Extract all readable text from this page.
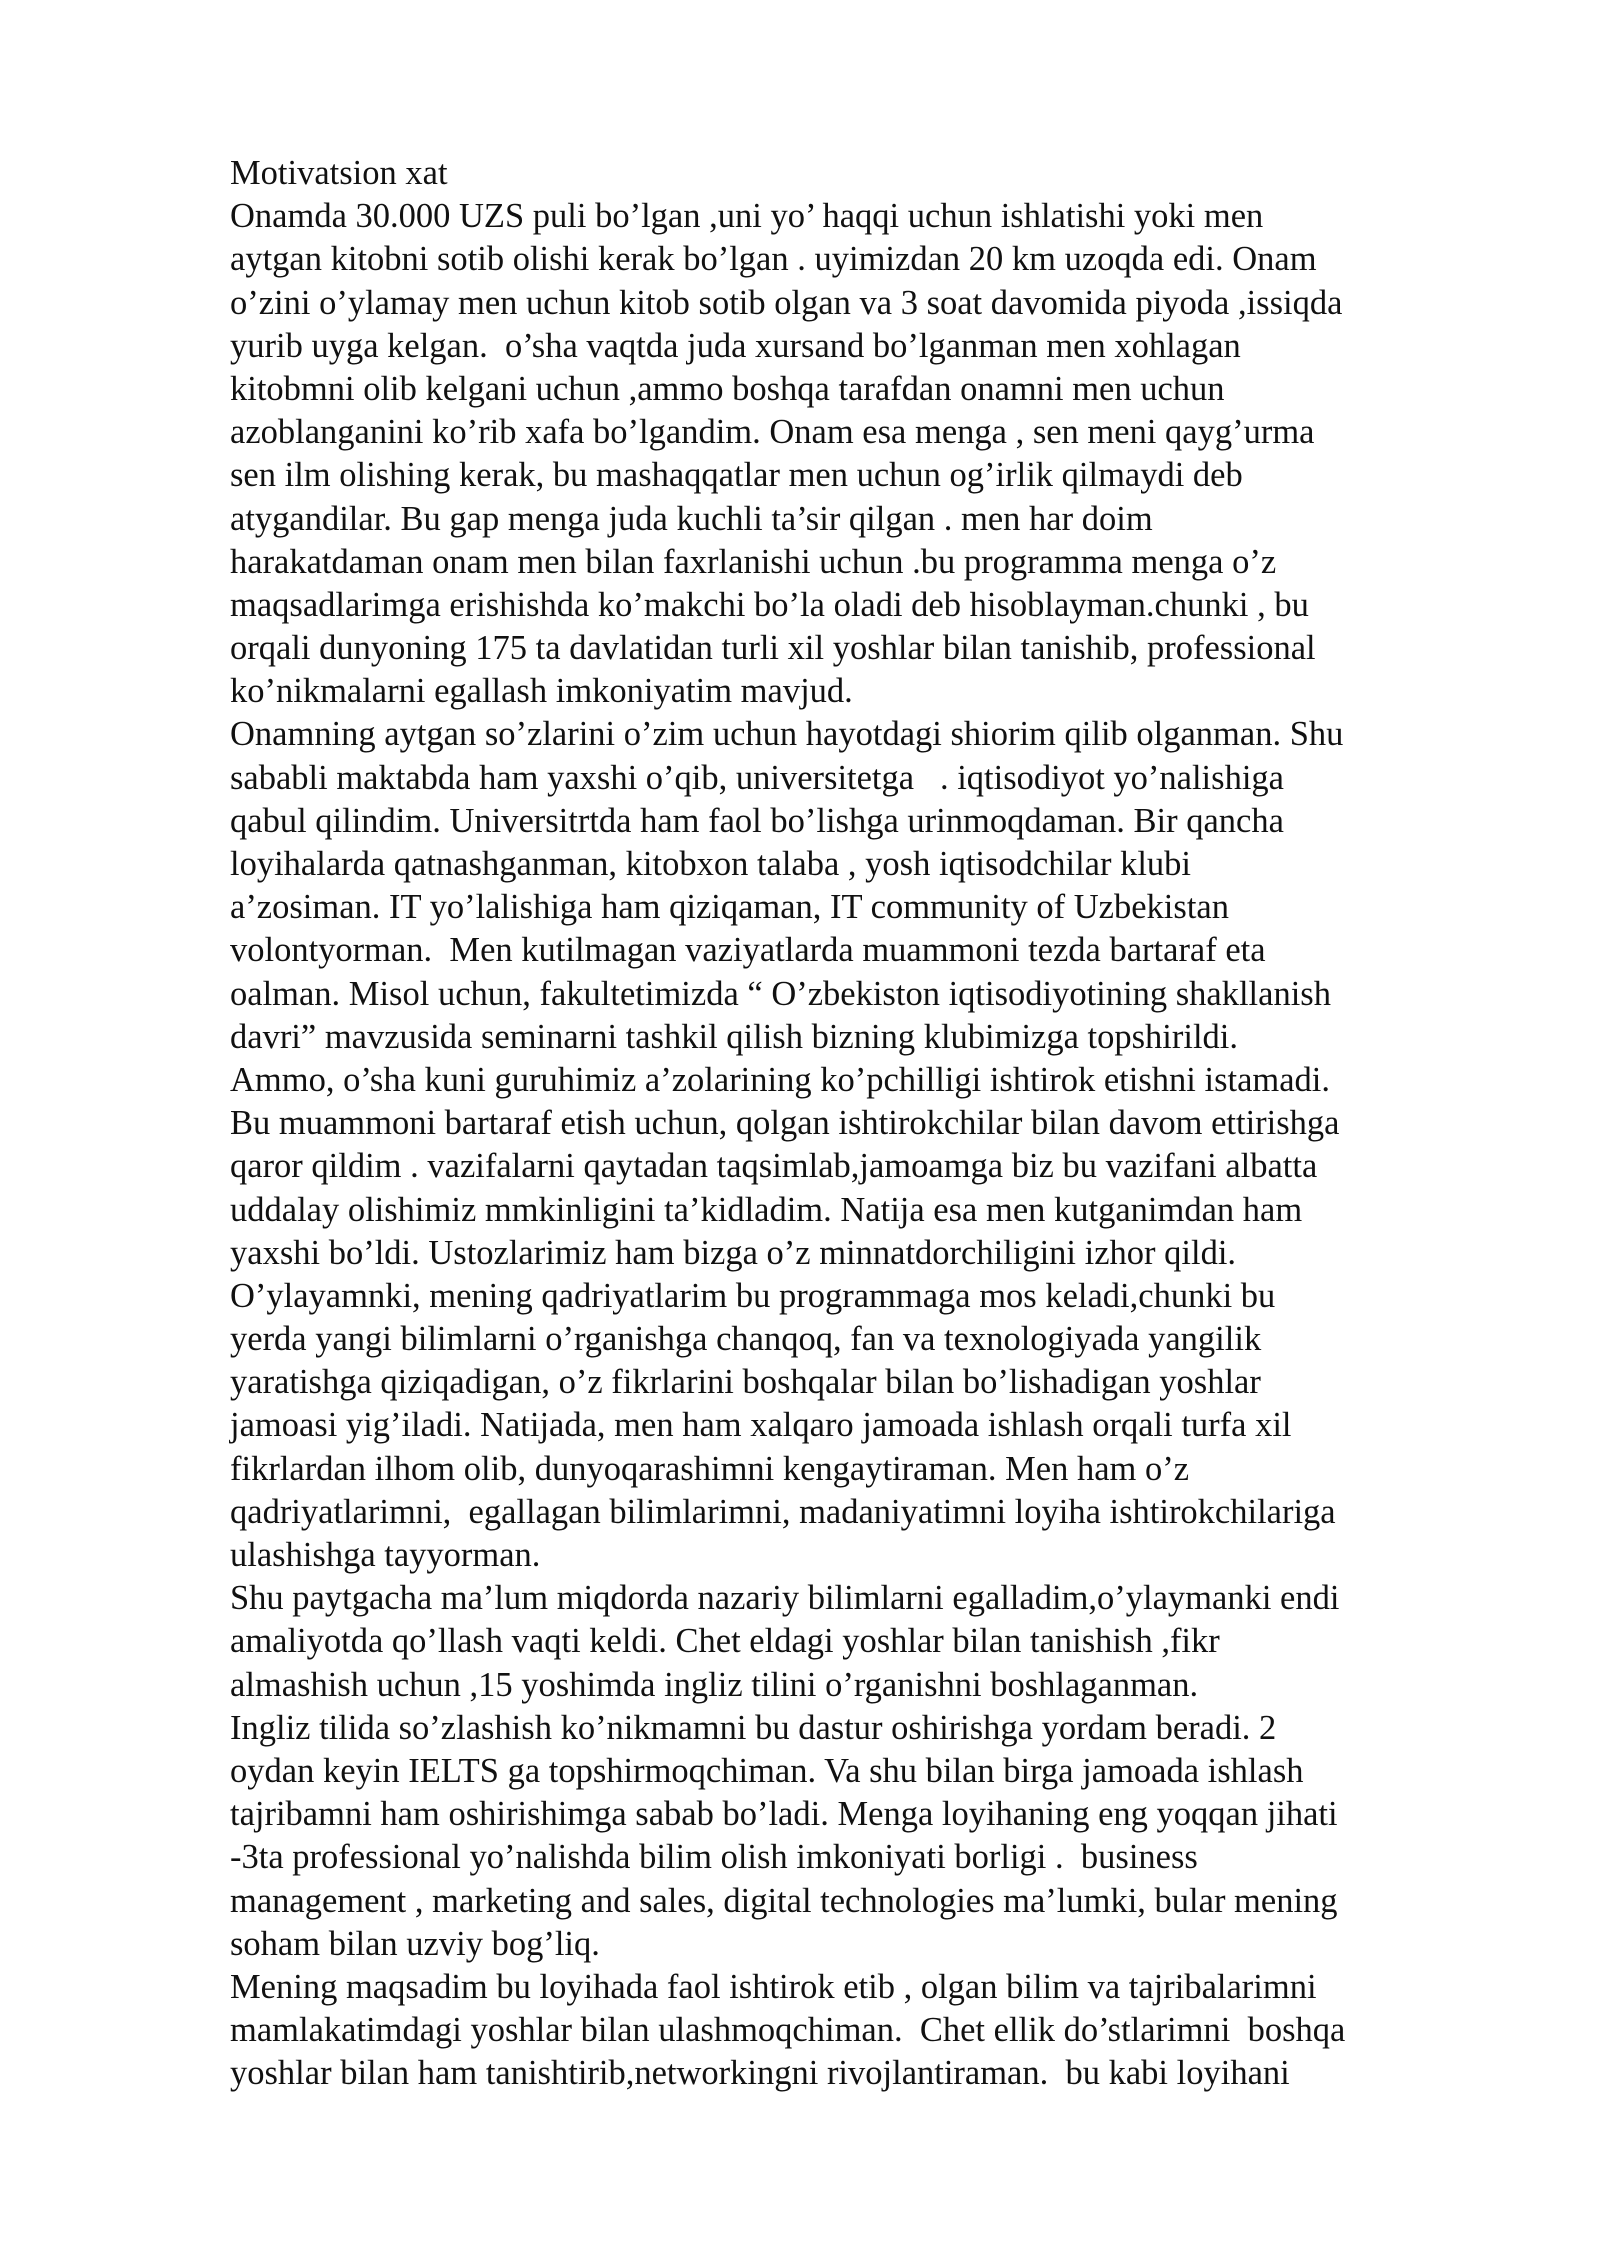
Motivatsion xat
Onamda 30.000 UZS puli bo’lgan ,uni yo’ haqqi uchun ishlatishi yoki men
aytgan kitobni sotib olishi kerak bo’lgan . uyimizdan 20 km uzoqda edi. Onam
o’zini o’ylamay men uchun kitob sotib olgan va 3 soat davomida piyoda ,issiqda
yurib uyga kelgan.  o’sha vaqtda juda xursand bo’lganman men xohlagan
kitobmni olib kelgani uchun ,ammo boshqa tarafdan onamni men uchun
azoblanganini ko’rib xafa bo’lgandim. Onam esa menga , sen meni qayg’urma
sen ilm olishing kerak, bu mashaqqatlar men uchun og’irlik qilmaydi deb
atygandilar. Bu gap menga juda kuchli ta’sir qilgan . men har doim
harakatdaman onam men bilan faxrlanishi uchun .bu programma menga o’z
maqsadlarimga erishishda ko’makchi bo’la oladi deb hisoblayman.chunki , bu
orqali dunyoning 175 ta davlatidan turli xil yoshlar bilan tanishib, professional
ko’nikmalarni egallash imkoniyatim mavjud.
Onamning aytgan so’zlarini o’zim uchun hayotdagi shiorim qilib olganman. Shu
sababli maktabda ham yaxshi o’qib, universitetga   . iqtisodiyot yo’nalishiga
qabul qilindim. Universitrtda ham faol bo’lishga urinmoqdaman. Bir qancha
loyihalarda qatnashganman, kitobxon talaba , yosh iqtisodchilar klubi
a’zosiman. IT yo’lalishiga ham qiziqaman, IT community of Uzbekistan
volontyorman.  Men kutilmagan vaziyatlarda muammoni tezda bartaraf eta
oalman. Misol uchun, fakultetimizda “ O’zbekiston iqtisodiyotining shakllanish
davri” mavzusida seminarni tashkil qilish bizning klubimizga topshirildi.
Ammo, o’sha kuni guruhimiz a’zolarining ko’pchilligi ishtirok etishni istamadi.
Bu muammoni bartaraf etish uchun, qolgan ishtirokchilar bilan davom ettirishga
qaror qildim . vazifalarni qaytadan taqsimlab,jamoamga biz bu vazifani albatta
uddalay olishimiz mmkinligini ta’kidladim. Natija esa men kutganimdan ham
yaxshi bo’ldi. Ustozlarimiz ham bizga o’z minnatdorchiligini izhor qildi.
O’ylayamnki, mening qadriyatlarim bu programmaga mos keladi,chunki bu
yerda yangi bilimlarni o’rganishga chanqoq, fan va texnologiyada yangilik
yaratishga qiziqadigan, o’z fikrlarini boshqalar bilan bo’lishadigan yoshlar
jamoasi yig’iladi. Natijada, men ham xalqaro jamoada ishlash orqali turfa xil
fikrlardan ilhom olib, dunyoqarashimni kengaytiraman. Men ham o’z
qadriyatlarimni,  egallagan bilimlarimni, madaniyatimni loyiha ishtirokchilariga
ulashishga tayyorman.
Shu paytgacha ma’lum miqdorda nazariy bilimlarni egalladim,o’ylaymanki endi
amaliyotda qo’llash vaqti keldi. Chet eldagi yoshlar bilan tanishish ,fikr
almashish uchun ,15 yoshimda ingliz tilini o’rganishni boshlaganman.
Ingliz tilida so’zlashish ko’nikmamni bu dastur oshirishga yordam beradi. 2
oydan keyin IELTS ga topshirmoqchiman. Va shu bilan birga jamoada ishlash
tajribamni ham oshirishimga sabab bo’ladi. Menga loyihaning eng yoqqan jihati
-3ta professional yo’nalishda bilim olish imkoniyati borligi .  business
management , marketing and sales, digital technologies ma’lumki, bular mening
soham bilan uzviy bog’liq.
Mening maqsadim bu loyihada faol ishtirok etib , olgan bilim va tajribalarimni
mamlakatimdagi yoshlar bilan ulashmoqchiman.  Chet ellik do’stlarimni  boshqa
yoshlar bilan ham tanishtirib,networkingni rivojlantiraman.  bu kabi loyihani
